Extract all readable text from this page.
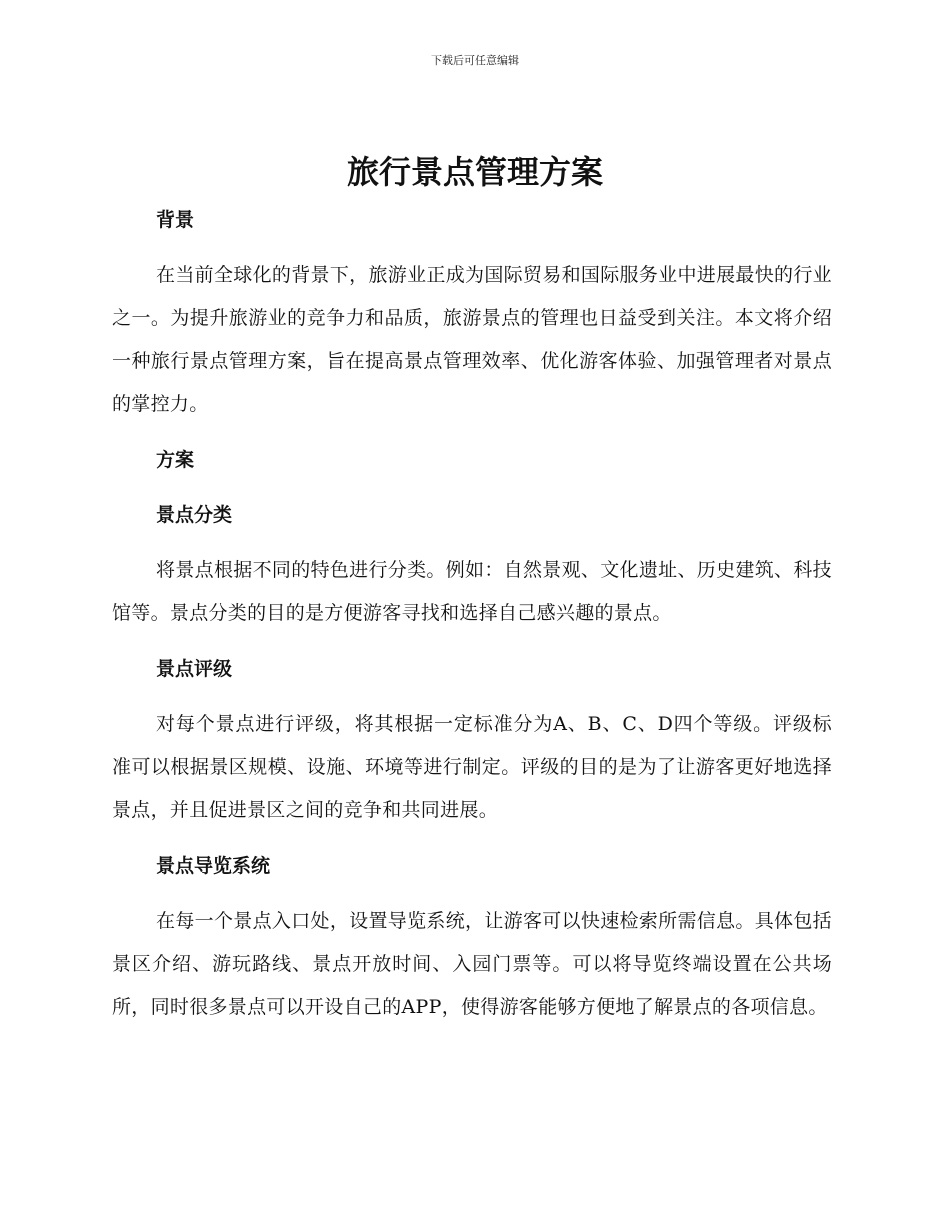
下载后可任意编辑
旅行景点管理方案
背景

在当前全球化的背景下，旅游业正成为国际贸易和国际服务业中进展最快的行业之一。为提升旅游业的竞争力和品质，旅游景点的管理也日益受到关注。本文将介绍一种旅行景点管理方案，旨在提高景点管理效率、优化游客体验、加强管理者对景点的掌控力。

方案
景点分类

将景点根据不同的特色进行分类。例如：自然景观、文化遗址、历史建筑、科技馆等。景点分类的目的是方便游客寻找和选择自己感兴趣的景点。

景点评级

对每个景点进行评级，将其根据一定标准分为A、B、C、D四个等级。评级标准可以根据景区规模、设施、环境等进行制定。评级的目的是为了让游客更好地选择景点，并且促进景区之间的竞争和共同进展。

景点导览系统

在每一个景点入口处，设置导览系统，让游客可以快速检索所需信息。具体包括景区介绍、游玩路线、景点开放时间、入园门票等。可以将导览终端设置在公共场所，同时很多景点可以开设自己的APP，使得游客能够方便地了解景点的各项信息。
